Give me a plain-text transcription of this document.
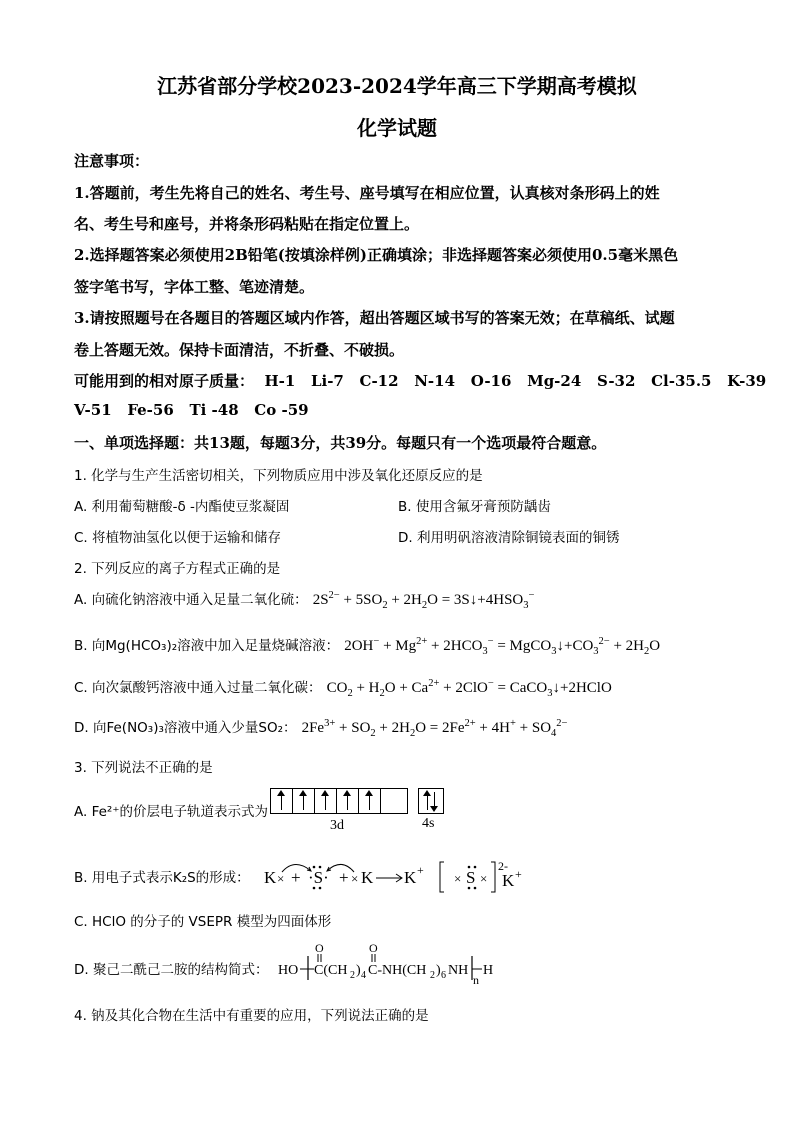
江苏省部分学校2023-2024学年高三下学期高考模拟
化学试题
注意事项：
1.答题前，考生先将自己的姓名、考生号、座号填写在相应位置，认真核对条形码上的姓
名、考生号和座号，并将条形码粘贴在指定位置上。
2.选择题答案必须使用2B铅笔(按填涂样例)正确填涂；非选择题答案必须使用0.5毫米黑色
签字笔书写，字体工整、笔迹清楚。
3.请按照题号在各题目的答题区域内作答，超出答题区域书写的答案无效；在草稿纸、试题
卷上答题无效。保持卡面清洁，不折叠、不破损。
可能用到的相对原子质量：  H-1   Li-7   C-12   N-14   O-16   Mg-24   S-32   Cl-35.5   K-39
V-51   Fe-56   Ti -48   Co -59
一、单项选择题：共13题，每题3分，共39分。每题只有一个选项最符合题意。
1. 化学与生产生活密切相关，下列物质应用中涉及氧化还原反应的是
A. 利用葡萄糖酸-δ -内酯使豆浆凝固	B. 使用含氟牙膏预防龋齿
C. 将植物油氢化以便于运输和储存	D. 利用明矾溶液清除铜镜表面的铜锈
2. 下列反应的离子方程式正确的是
A. 向硫化钠溶液中通入足量二氧化硫： $2S^{2-} + 5SO_2 + 2H_2O$ = $3S↓+4HSO_3^-$
B. 向Mg(HCO₃)₂溶液中加入足量烧碱溶液： $2OH^- + Mg^{2+} + 2HCO_3^-$ = $MgCO_3↓+CO_3^{2-} + 2H_2O$
C. 向次氯酸钙溶液中通入过量二氧化碳： $CO_2 + H_2O + Ca^{2+} + 2ClO^-$ = CaCO$_3$↓+2HClO
D. 向Fe(NO₃)₃溶液中通入少量SO₂： $2Fe^{3+} + SO_2 + 2H_2O = 2Fe^{2+} + 4H^+ + SO_4^{2-}$
3. 下列说法不正确的是
A. Fe²⁺的价层电子轨道表示式为
3d	4s
B. 用电子式表示K₂S的形成： K × + ·S· + × K K +
× S ×
2-
K +
C. HClO 的分子的 VSEPR 模型为四面体形
D. 聚己二酰己二胺的结构简式： HO C(CH 2 ) 4 C-NH(CH 2 ) 6 NH
n
H
O	O
4. 钠及其化合物在生活中有重要的应用，下列说法正确的是
